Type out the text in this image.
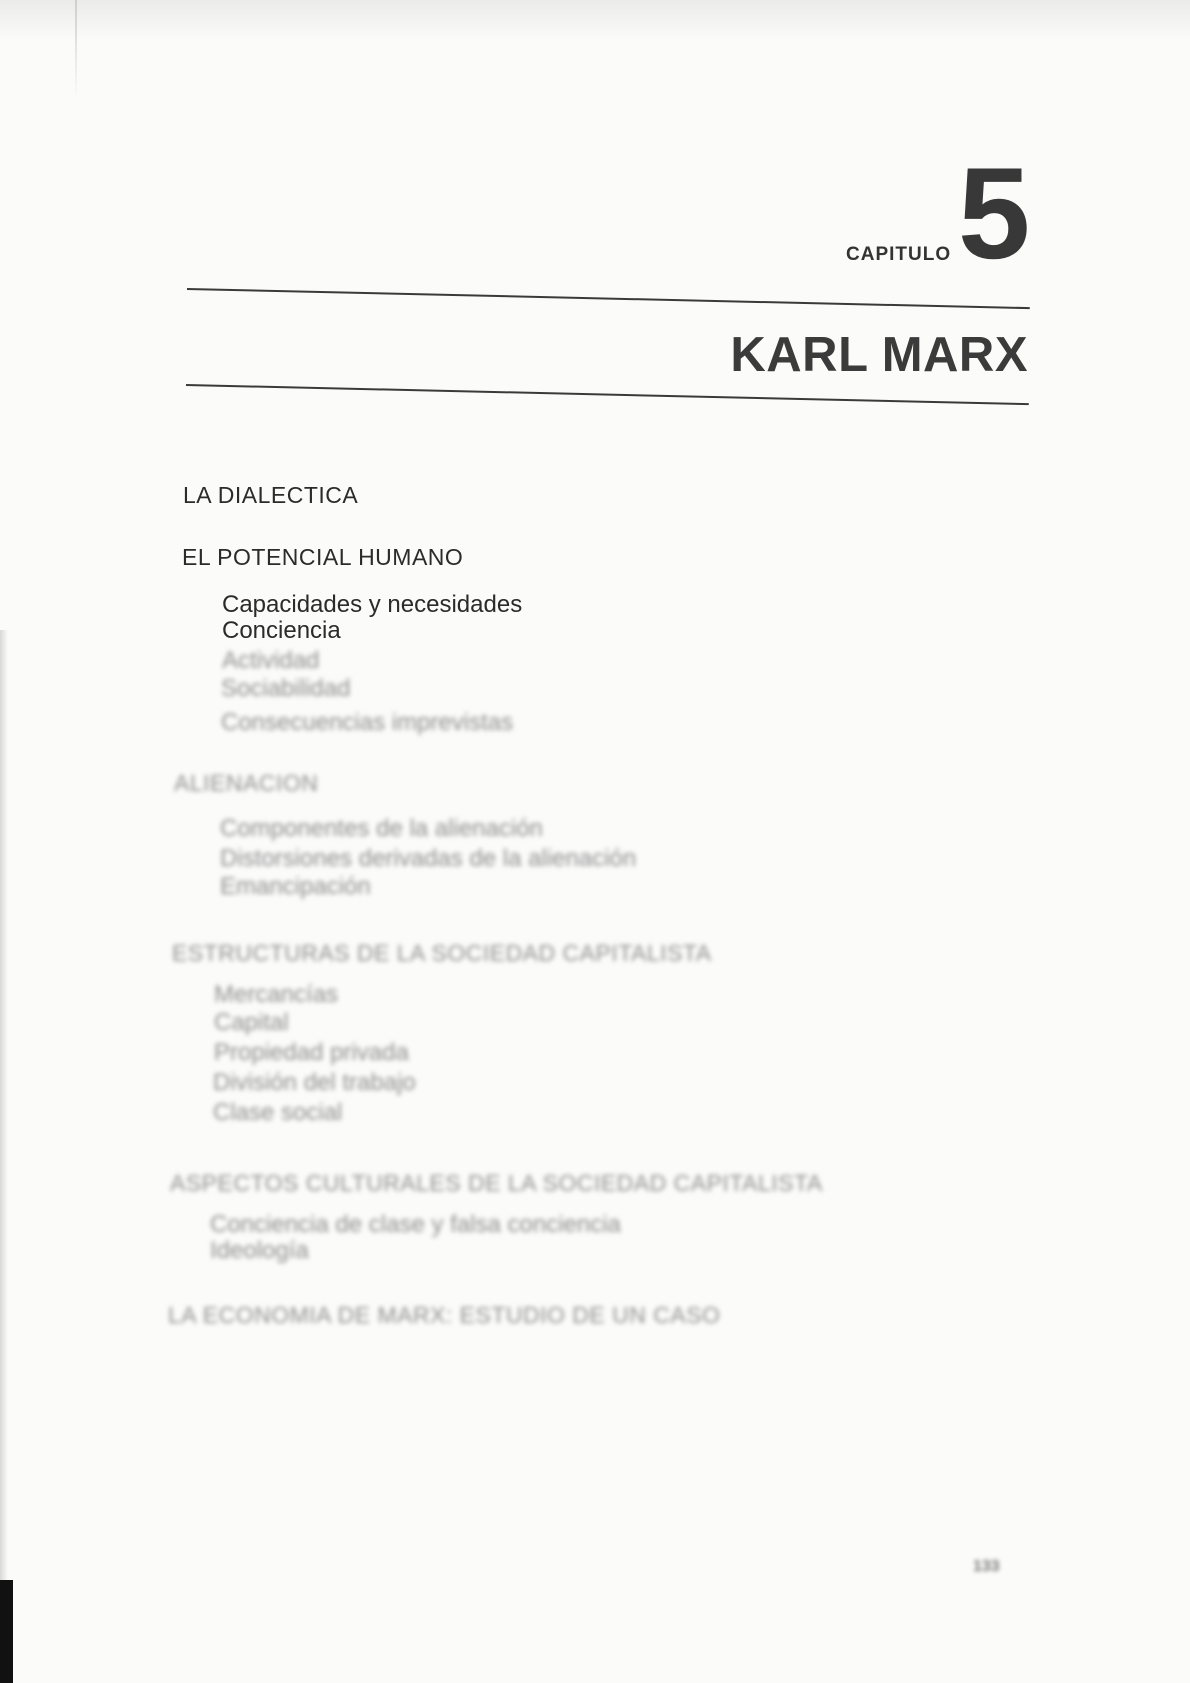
CAPITULO 5
KARL MARX
LA DIALECTICA
EL POTENCIAL HUMANO
Capacidades y necesidades
Conciencia
Actividad
Sociabilidad
Consecuencias imprevistas
ALIENACION
Componentes de la alienación
Distorsiones derivadas de la alienación
Emancipación
ESTRUCTURAS DE LA SOCIEDAD CAPITALISTA
Mercancías
Capital
Propiedad privada
División del trabajo
Clase social
ASPECTOS CULTURALES DE LA SOCIEDAD CAPITALISTA
Conciencia de clase y falsa conciencia
Ideología
LA ECONOMIA DE MARX: ESTUDIO DE UN CASO
133
